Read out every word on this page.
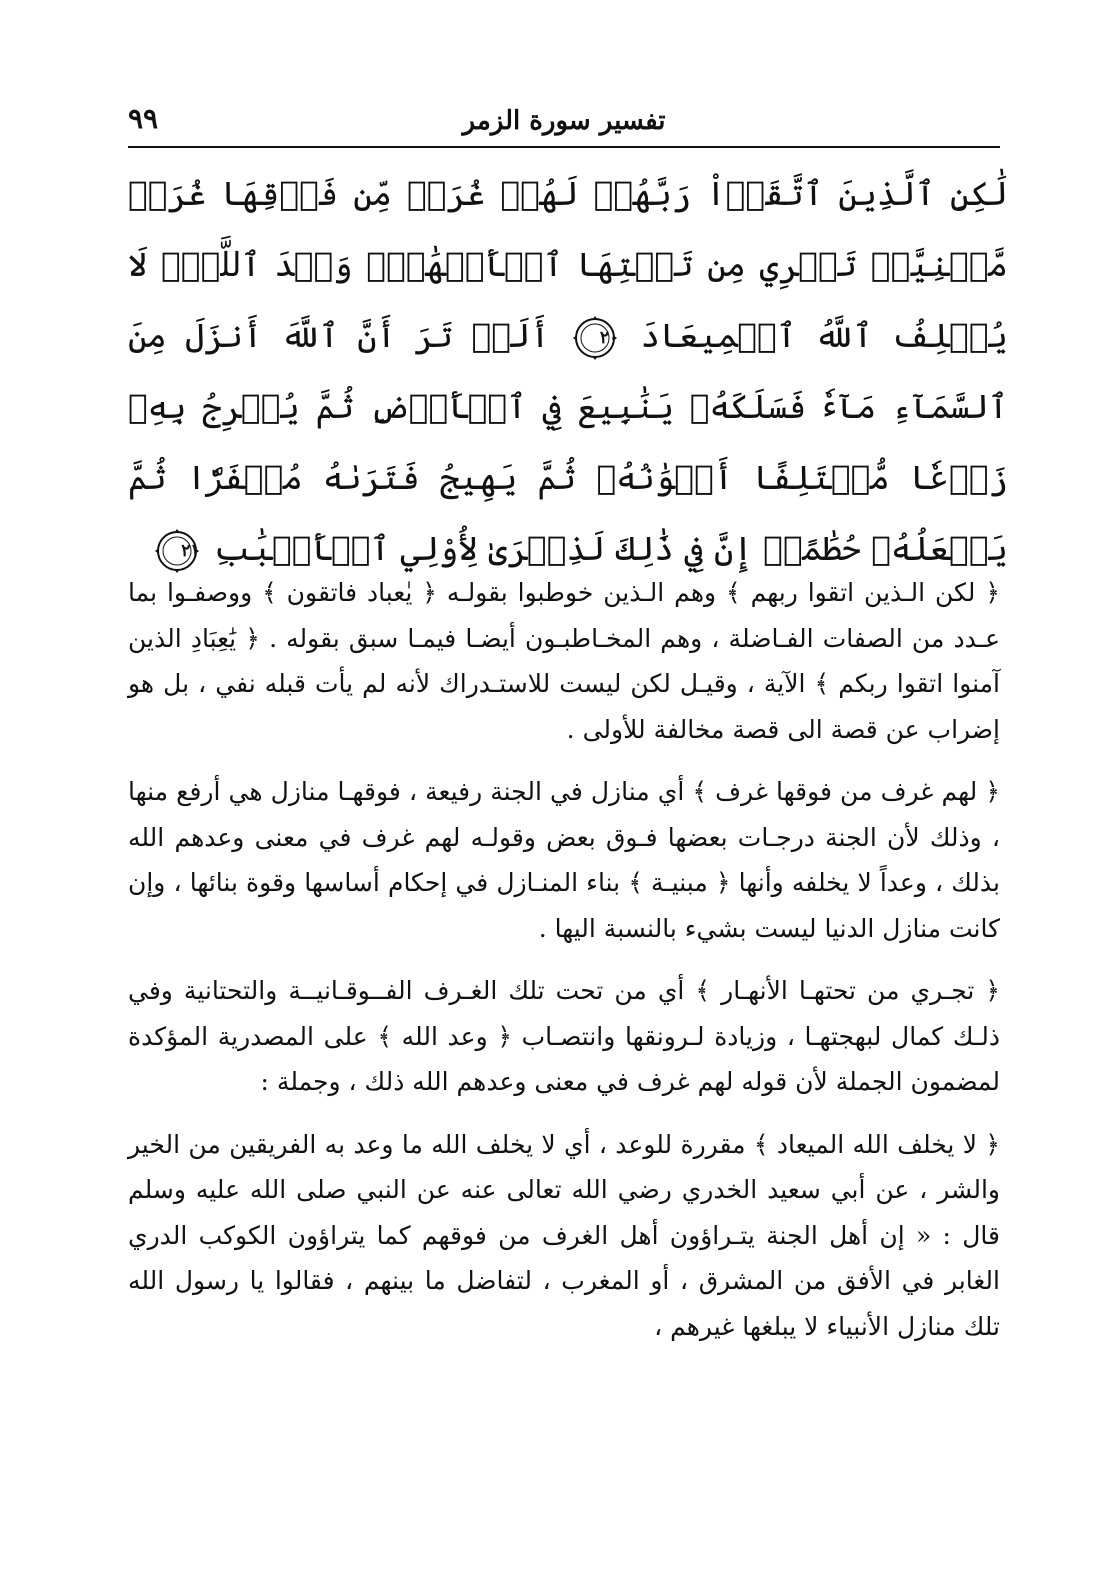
تفسير سورة الزمر
٩٩
لَٰكِنِ ٱلَّذِينَ ٱتَّقَوۡاْ رَبَّهُمۡ لَهُمۡ غُرَفٞ مِّن فَوۡقِهَا غُرَفٞ مَّبۡنِيَّةٞ تَجۡرِي مِن تَحۡتِهَا ٱلۡأَنۡهَٰرُۖ وَعۡدَ ٱللَّهِۖ لَا يُخۡلِفُ ٱللَّهُ ٱلۡمِيعَادَ
٢٠ أَلَمۡ تَرَ أَنَّ ٱللَّهَ أَنزَلَ مِنَ ٱلسَّمَآءِ مَآءٗ فَسَلَكَهُۥ يَنَٰبِيعَ فِي ٱلۡأَرۡضِ ثُمَّ يُخۡرِجُ بِهِۦ زَرۡعٗا مُّخۡتَلِفًا أَلۡوَٰنُهُۥ ثُمَّ يَهِيجُ فَتَرَىٰهُ مُصۡفَرّٗا ثُمَّ يَجۡعَلُهُۥ حُطَٰمًاۚ إِنَّ فِي ذَٰلِكَ لَذِكۡرَىٰ لِأُوْلِي ٱلۡأَلۡبَٰبِ
٢١

﴿ لكن الـذين اتقوا ربهم ﴾ وهم الـذين خوطبوا بقولـه ﴿ يٰعباد فاتقون ﴾ ووصفـوا بما عـدد من الصفات الفـاضلة ، وهم المخـاطبـون أيضـا فيمـا سبق بقوله . ﴿ يَٰعِبَادِ الذين آمنوا اتقوا ربكم ﴾ الآية ، وقيـل لكن ليست للاستـدراك لأنه لم يأت قبله نفي ، بل هو إضراب عن قصة الى قصة مخالفة للأولى .

﴿ لهم غرف من فوقها غرف ﴾ أي منازل في الجنة رفيعة ، فوقهـا منازل هي أرفع منها ، وذلك لأن الجنة درجـات بعضها فـوق بعض وقولـه لهم غرف في معنى وعدهم الله بذلك ، وعداً لا يخلفه وأنها ﴿ مبنيـة ﴾ بناء المنـازل في إحكام أساسها وقوة بنائها ، وإن كانت منازل الدنيا ليست بشيء بالنسبة اليها .

﴿ تجـري من تحتهـا الأنهـار ﴾ أي من تحت تلك الغـرف الفــوقـانيــة والتحتانية وفي ذلـك كمال لبهجتهـا ، وزيادة لـرونقها وانتصـاب ﴿ وعد الله ﴾ على المصدرية المؤكدة لمضمون الجملة لأن قوله لهم غرف في معنى وعدهم الله ذلك ، وجملة :

﴿ لا يخلف الله الميعاد ﴾ مقررة للوعد ، أي لا يخلف الله ما وعد به الفريقين من الخير والشر ، عن أبي سعيد الخدري رضي الله تعالى عنه عن النبي صلى الله عليه وسلم قال : « إن أهل الجنة يتـراؤون أهل الغرف من فوقهم كما يتراؤون الكوكب الدري الغابر في الأفق من المشرق ، أو المغرب ، لتفاضل ما بينهم ، فقالوا يا رسول الله تلك منازل الأنبياء لا يبلغها غيرهم ،
